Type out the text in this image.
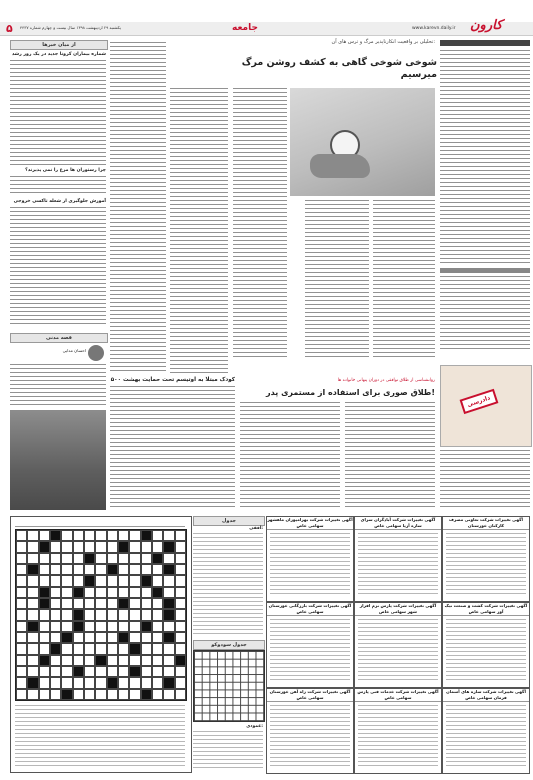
۵ یکشنبه ۲۹ اردیبهشت ۱۳۹۸ سال بیست و چهارم شماره ۴۴۳۷	جامعه	www.karevn.daily.ir کارون
تحلیلی بر واقعیت انکارناپذیر مرگ و ترس های آن:
شوخی شوخی گاهی به کشف روشن مرگ میرسیم
از میان خبرها
شماره بیماران کرونا جدید در یک روز رشد
چرا رستوران ها مرغ را نمی پذیرند؟
آموزش جلوگیری از شعله تاکسی خروجی
قصه مدنی
احسان مدایی
۵۰۰ کودک مبتلا به اوتیسم تحت حمایت بهشت	روانشناسی از طلاق توافقی در دوران پنهانی خانواده ها
طلاق صوری برای استفاده از مستمری پدر!
دادرسی
جدول
افقی:
جدول سودوکو
عمودی:
آگهی تغییرات شرکت تعاونی مصرف کارکنان خوزستان
آگهی تغییرات شرکت آبادگران سرای سازه آریا سهامی خاص
آگهی تغییرات شرکت بهرامپوران ماهشهر سهامی خاص
آگهی تغییرات شرکت کشت و صنعت نیک آور سهامی خاص
آگهی تغییرات شرکت پارس نرم افزار شهر سهامی خاص
آگهی تغییرات شرکت بازرگانی خوزستان سهامی خاص
آگهی تغییرات شرکت سازه های آسمان فرمان سهامی خاص
آگهی تغییرات شرکت خدمات فنی پارس سهامی خاص
آگهی تغییرات شرکت راه آهن خوزستان سهامی خاص
